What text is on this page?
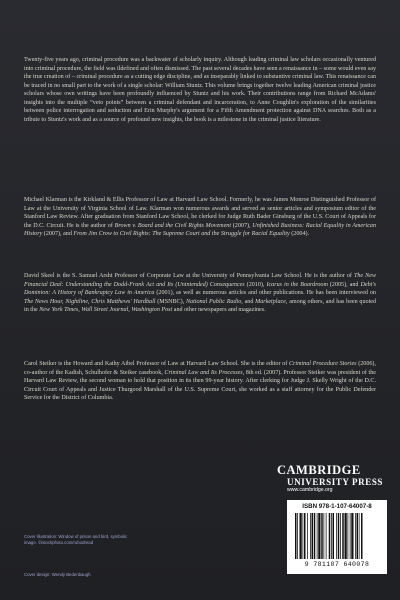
Twenty-five years ago, criminal procedure was a backwater of scholarly inquiry. Although leading criminal law scholars occasionally ventured into criminal procedure, the field was ildefined and often dismissed. The past several decades have seen a renaissance in – some would even say the true creation of – criminal procedure as a cutting edge discipline, and as inseparably linked to substantive criminal law. This renaissance can be traced in no small part to the work of a single scholar: William Stuntz. This volume brings together twelve leading American criminal justice scholars whose own writings have been profoundly influenced by Stuntz and his work. Their contributions range from Richard McAdams' insights into the multiple “veto points” between a criminal defendant and incarceration, to Anne Coughlin's exploration of the similarities between police interrogation and seduction and Erin Murphy's argument for a Fifth Amendment protection against DNA searches. Both as a tribute to Stuntz's work and as a source of profound new insights, the book is a milestone in the criminal justice literature.

Michael Klarman is the Kirkland & Ellis Professor of Law at Harvard Law School. Formerly, he was James Monroe Distinguished Professor of Law at the University of Virginia School of Law. Klarman won numerous awards and served as senior articles and symposium editor of the Stanford Law Review. After graduation from Stanford Law School, he clerked for Judge Ruth Bader Ginsburg of the U.S. Court of Appeals for the D.C. Circuit. He is the author of Brown v. Board and the Civil Rights Movement (2007), Unfinished Business: Racial Equality in American History (2007), and From Jim Crow to Civil Rights: The Supreme Court and the Struggle for Racial Equality (2004).

David Skeel is the S. Samuel Arsht Professor of Corporate Law at the University of Pennsylvania Law School. He is the author of The New Financial Deal: Understanding the Dodd-Frank Act and Its (Unintended) Consequences (2010), Icarus in the Boardroom (2005), and Debt's Dominion: A History of Bankruptcy Law in America (2001), as well as numerous articles and other publications. He has been interviewed on The News Hour, Nightline, Chris Matthews' Hardball (MSNBC), National Public Radio, and Marketplace, among others, and has been quoted in the New York Times, Wall Street Journal, Washington Post and other newspapers and magazines.

Carol Steiker is the Howard and Kathy Aibel Professor of Law at Harvard Law School. She is the editor of Criminal Procedure Stories (2006), co-author of the Kadish, Schulhofer & Steiker casebook, Criminal Law and Its Processes, 8th ed. (2007). Professor Steiker was president of the Harvard Law Review, the second woman to hold that position in its then 99-year history. After clerking for Judge J. Skelly Wright of the D.C. Circuit Court of Appeals and Justice Thurgood Marshall of the U.S. Supreme Court, she worked as a staff attorney for the Public Defender Service for the District of Columbia.

CAMBRIDGE
UNIVERSITY PRESS
www.cambridge.org
ISBN 978-1-107-64007-8
9 781107 640078
Cover illustration: Window of prison and bird, symbolic image. ©istockphoto.com/robodread
Cover design: Wendy Bedenbaugh
